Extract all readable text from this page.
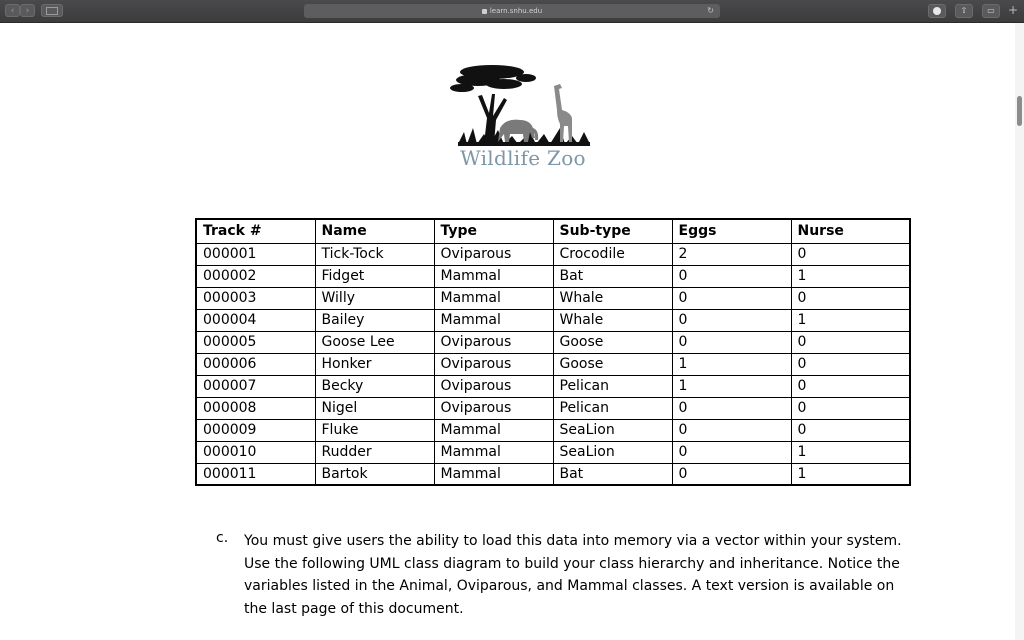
‹	›	learn.snhu.edu	↻	⇧	▭	+
Wildlife Zoo
Track #	Name	Type	Sub-type	Eggs	Nurse
000001	Tick-Tock	Oviparous	Crocodile	2	0
000002	Fidget	Mammal	Bat	0	1
000003	Willy	Mammal	Whale	0	0
000004	Bailey	Mammal	Whale	0	1
000005	Goose Lee	Oviparous	Goose	0	0
000006	Honker	Oviparous	Goose	1	0
000007	Becky	Oviparous	Pelican	1	0
000008	Nigel	Oviparous	Pelican	0	0
000009	Fluke	Mammal	SeaLion	0	0
000010	Rudder	Mammal	SeaLion	0	1
000011	Bartok	Mammal	Bat	0	1
c. You must give users the ability to load this data into memory via a vector within your system. Use the following UML class diagram to build your class hierarchy and inheritance. Notice the variables listed in the Animal, Oviparous, and Mammal classes. A text version is available on the last page of this document.
